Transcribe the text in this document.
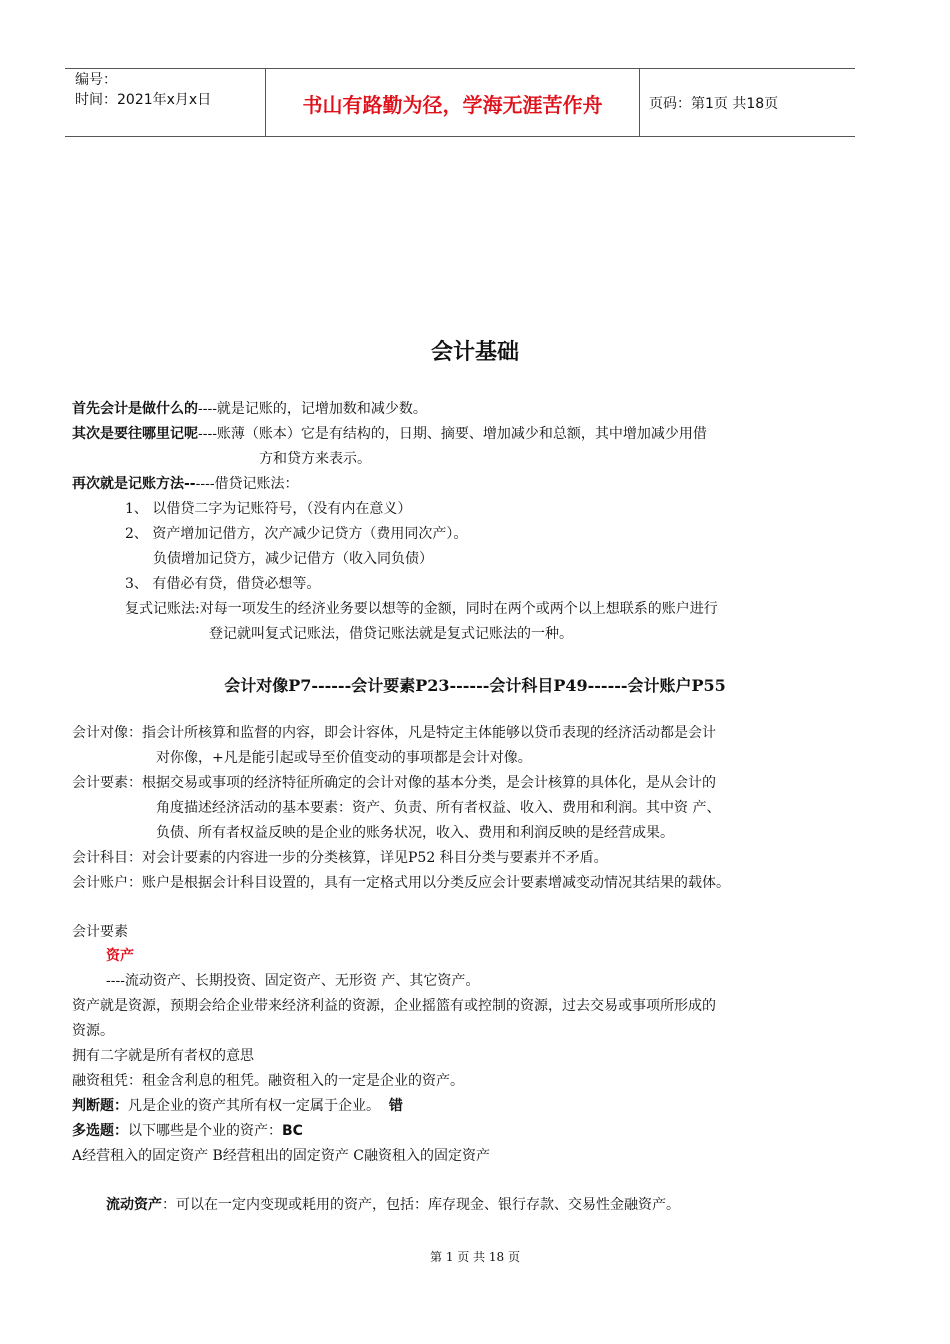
编号：
时间：2021年x月x日	书山有路勤为径，学海无涯苦作舟	页码：第1页 共18页
会计基础
首先会计是做什么的----就是记账的，记增加数和减少数。
其次是要往哪里记呢----账薄（账本）它是有结构的，日期、摘要、增加减少和总额，其中增加减少用借
方和贷方来表示。
再次就是记账方法------借贷记账法：
1、 以借贷二字为记账符号，（没有内在意义）
2、 资产增加记借方，次产减少记贷方（费用同次产）。
负债增加记贷方，减少记借方（收入同负债）
3、 有借必有贷，借贷必想等。
复式记账法:对每一项发生的经济业务要以想等的金额，同时在两个或两个以上想联系的账户进行
登记就叫复式记账法，借贷记账法就是复式记账法的一种。
会计对像P7------会计要素P23------会计科目P49------会计账户P55
会计对像：指会计所核算和监督的内容，即会计容体，凡是特定主体能够以贷币表现的经济活动都是会计
对你像，+凡是能引起或导至价值变动的事项都是会计对像。
会计要素：根据交易或事项的经济特征所确定的会计对像的基本分类，是会计核算的具体化，是从会计的
角度描述经济活动的基本要素：资产、负责、所有者权益、收入、费用和利润。其中资 产、
负债、所有者权益反映的是企业的账务状况，收入、费用和利润反映的是经营成果。
会计科目：对会计要素的内容进一步的分类核算，详见P52 科目分类与要素并不矛盾。
会计账户：账户是根据会计科目设置的，具有一定格式用以分类反应会计要素增减变动情况其结果的载体。
会计要素
资产
----流动资产、长期投资、固定资产、无形资 产、其它资产。
资产就是资源，预期会给企业带来经济利益的资源，企业摇篮有或控制的资源，过去交易或事项所形成的
资源。
拥有二字就是所有者权的意思
融资租凭：租金含利息的租凭。融资租入的一定是企业的资产。
判断题：凡是企业的资产其所有权一定属于企业。 错
多选题：以下哪些是个业的资产：BC
A经营租入的固定资产 B经营租出的固定资产 C融资租入的固定资产
流动资产：可以在一定内变现或耗用的资产，包括：库存现金、银行存款、交易性金融资产。
第 1 页 共 18 页
